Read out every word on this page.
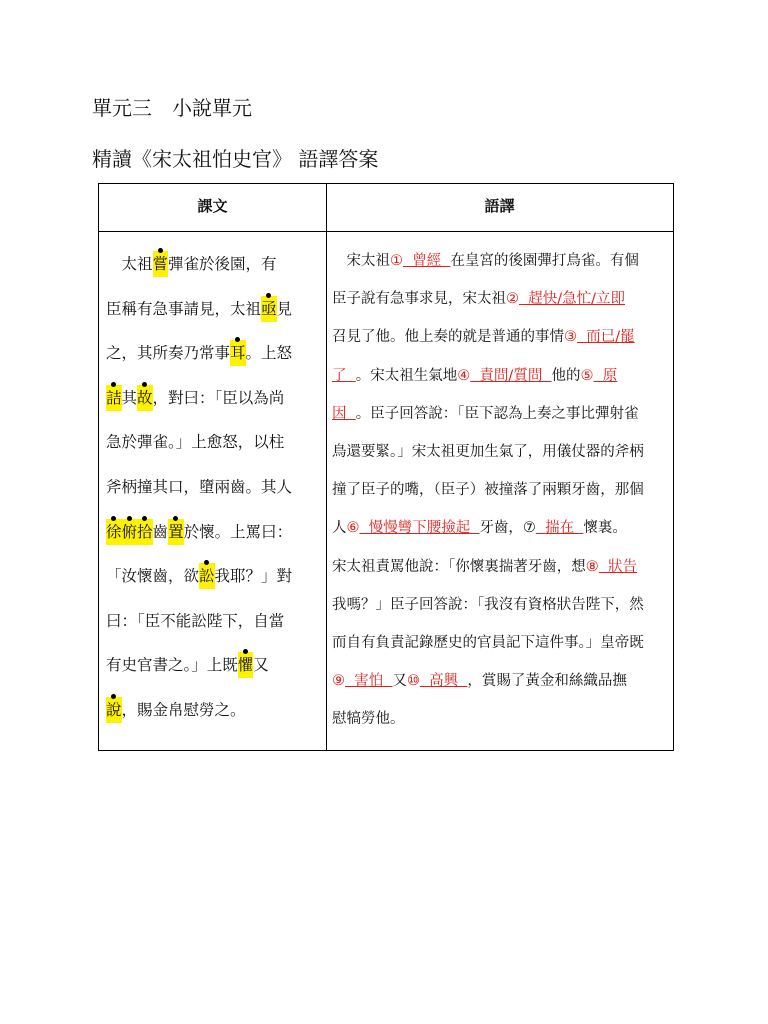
單元三　小說單元
精讀《宋太祖怕史官》 語譯答案
課文	語譯
　太祖嘗彈雀於後園，有
臣稱有急事請見，太祖亟見
之，其所奏乃常事耳。上怒
詰其故，對曰：「臣以為尚
急於彈雀。」上愈怒，以柱
斧柄撞其口，墮兩齒。其人
徐俯拾齒置於懷。上罵曰：
「汝懷齒，欲訟我耶？」對
曰：「臣不能訟陛下，自當
有史官書之。」上既懼又
說，賜金帛慰勞之。
　宋太祖①  曾經  在皇宮的後園彈打鳥雀。有個
臣子說有急事求見，宋太祖②  趕快/急忙/立即
召見了他。他上奏的就是普通的事情③  而已/罷
了  。宋太祖生氣地④  責問/質問  他的⑤  原
因  。臣子回答說：「臣下認為上奏之事比彈射雀
鳥還要緊。」宋太祖更加生氣了，用儀仗器的斧柄
撞了臣子的嘴，（臣子）被撞落了兩顆牙齒，那個
人⑥  慢慢彎下腰撿起  牙齒，⑦  揣在  懷裏。
宋太祖責罵他說：「你懷裏揣著牙齒，想⑧  狀告
我嗎？」臣子回答說：「我沒有資格狀告陛下，然
而自有負責記錄歷史的官員記下這件事。」皇帝既
⑨  害怕  又⑩  高興  ，賞賜了黃金和絲織品撫
慰犒勞他。
